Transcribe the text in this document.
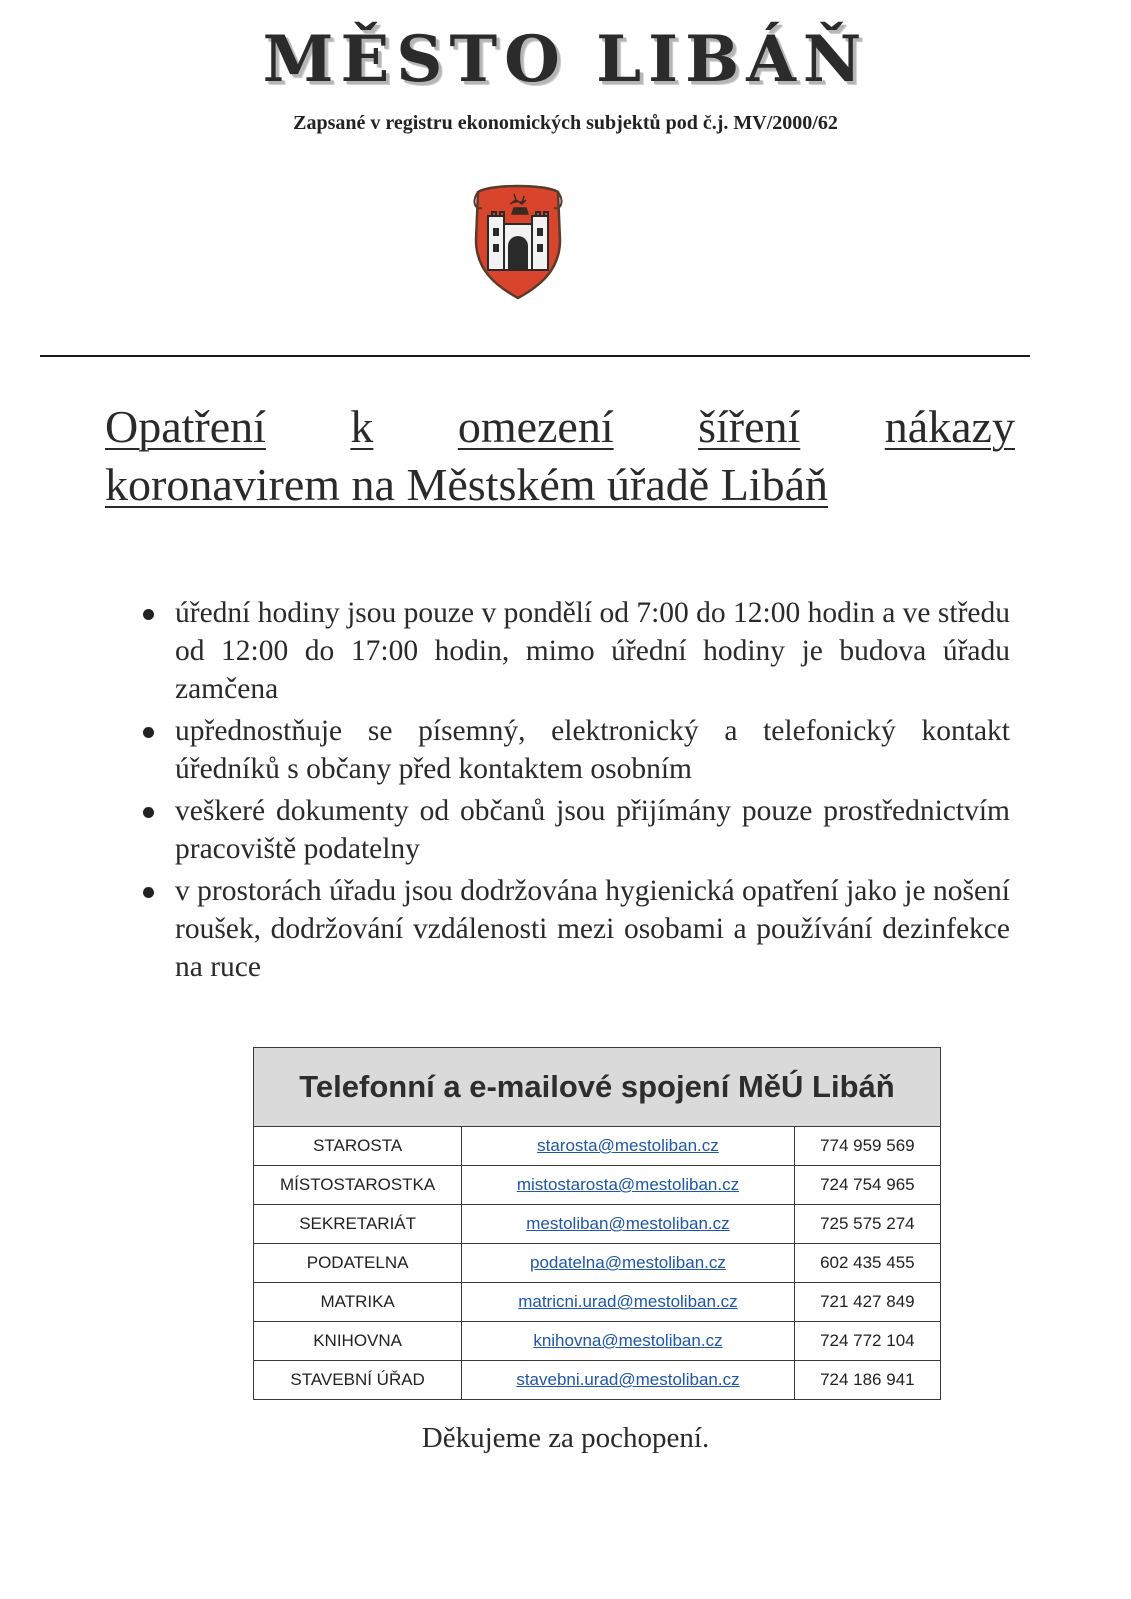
MĚSTO LIBÁŇ
Zapsané v registru ekonomických subjektů pod č.j. MV/2000/62
Opatření k omezení šíření nákazy
koronavirem na Městském úřadě Libáň
úřední hodiny jsou pouze v pondělí od 7:00 do 12:00 hodin a ve středu od 12:00 do 17:00 hodin, mimo úřední hodiny je budova úřadu zamčena
upřednostňuje se písemný, elektronický a telefonický kontakt úředníků s občany před kontaktem osobním
veškeré dokumenty od občanů jsou přijímány pouze prostřednictvím pracoviště podatelny
v prostorách úřadu jsou dodržována hygienická opatření jako je nošení roušek, dodržování vzdálenosti mezi osobami a používání dezinfekce na ruce
Telefonní a e-mailové spojení MěÚ Libáň		
STAROSTA	starosta@mestoliban.cz	774 959 569
MÍSTOSTAROSTKA	mistostarosta@mestoliban.cz	724 754 965
SEKRETARIÁT	mestoliban@mestoliban.cz	725 575 274
PODATELNA	podatelna@mestoliban.cz	602 435 455
MATRIKA	matricni.urad@mestoliban.cz	721 427 849
KNIHOVNA	knihovna@mestoliban.cz	724 772 104
STAVEBNÍ ÚŘAD	stavebni.urad@mestoliban.cz	724 186 941
Děkujeme za pochopení.
